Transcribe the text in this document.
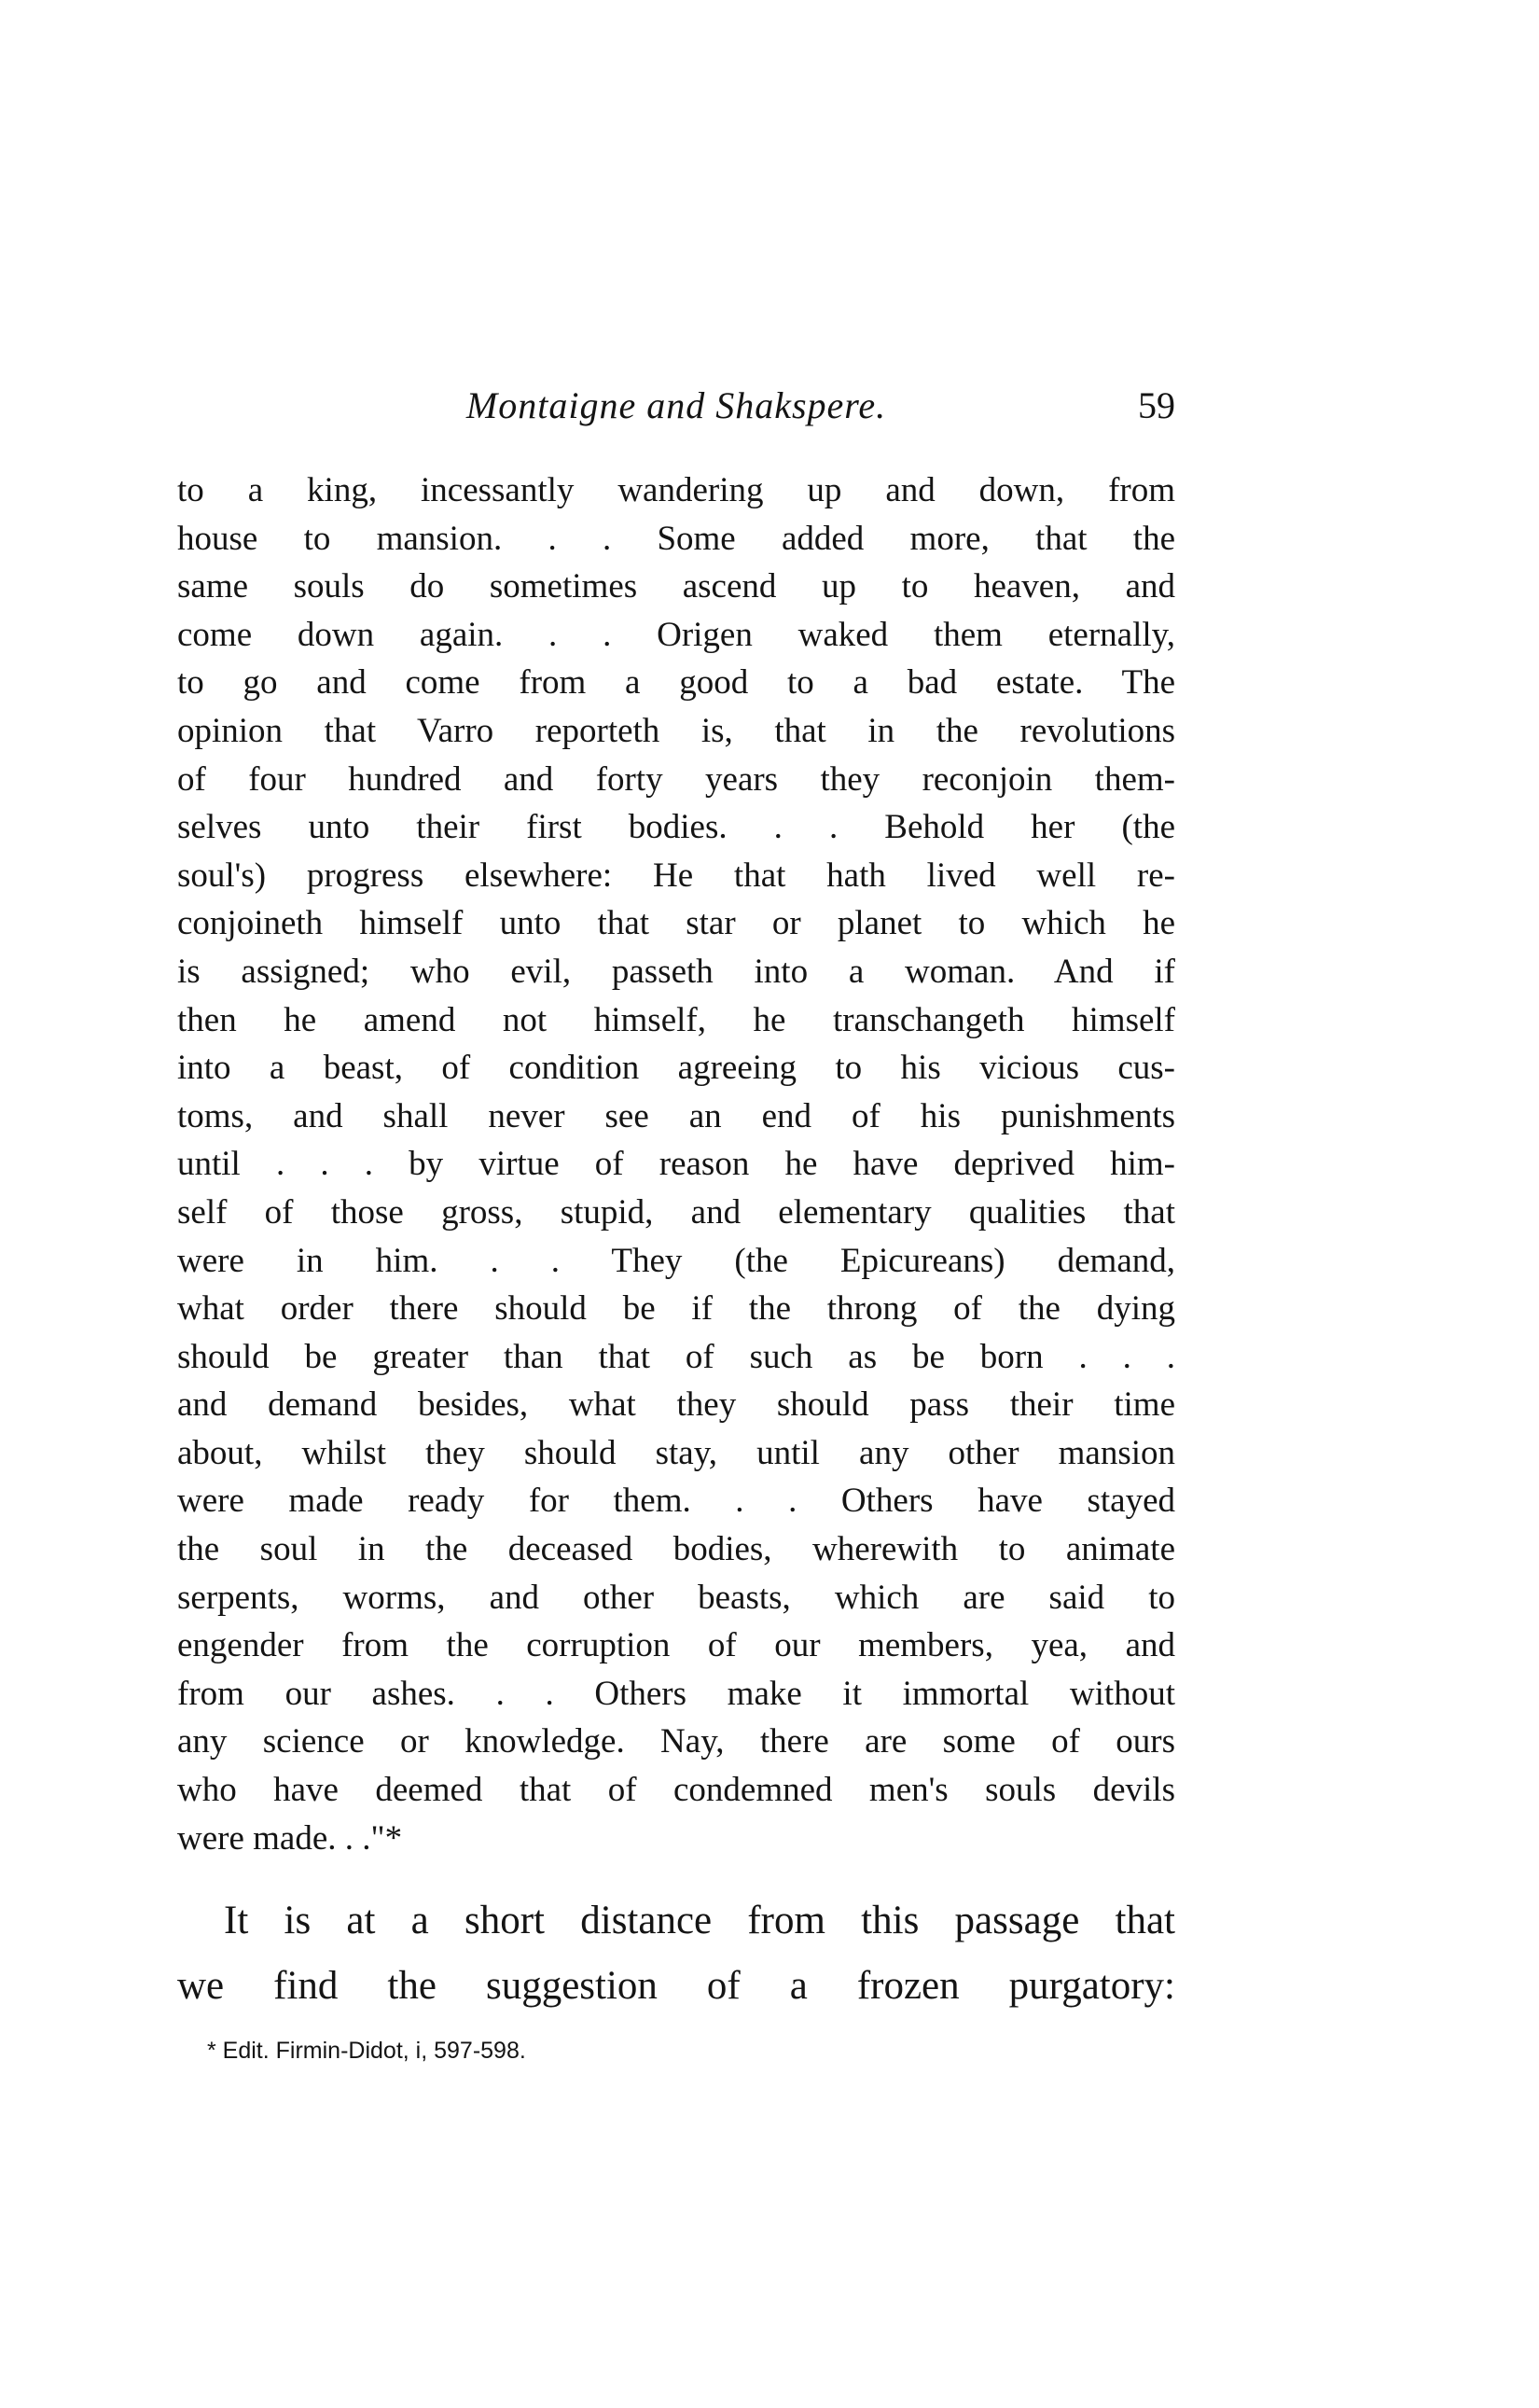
Montaigne and Shakspere.	59
to a king, incessantly wandering up and down, from
house to mansion. . . Some added more, that the
same souls do sometimes ascend up to heaven, and
come down again. . . Origen waked them eternally,
to go and come from a good to a bad estate. The
opinion that Varro reporteth is, that in the revolutions
of four hundred and forty years they reconjoin them-
selves unto their first bodies. . . Behold her (the
soul's) progress elsewhere: He that hath lived well re-
conjoineth himself unto that star or planet to which he
is assigned; who evil, passeth into a woman. And if
then he amend not himself, he transchangeth himself
into a beast, of condition agreeing to his vicious cus-
toms, and shall never see an end of his punishments
until . . . by virtue of reason he have deprived him-
self of those gross, stupid, and elementary qualities that
were in him. . . They (the Epicureans) demand,
what order there should be if the throng of the dying
should be greater than that of such as be born . . .
and demand besides, what they should pass their time
about, whilst they should stay, until any other mansion
were made ready for them. . . Others have stayed
the soul in the deceased bodies, wherewith to animate
serpents, worms, and other beasts, which are said to
engender from the corruption of our members, yea, and
from our ashes. . . Others make it immortal without
any science or knowledge. Nay, there are some of ours
who have deemed that of condemned men's souls devils
were made. . ."*
It is at a short distance from this passage that
we find the suggestion of a frozen purgatory:
* Edit. Firmin-Didot, i, 597-598.
